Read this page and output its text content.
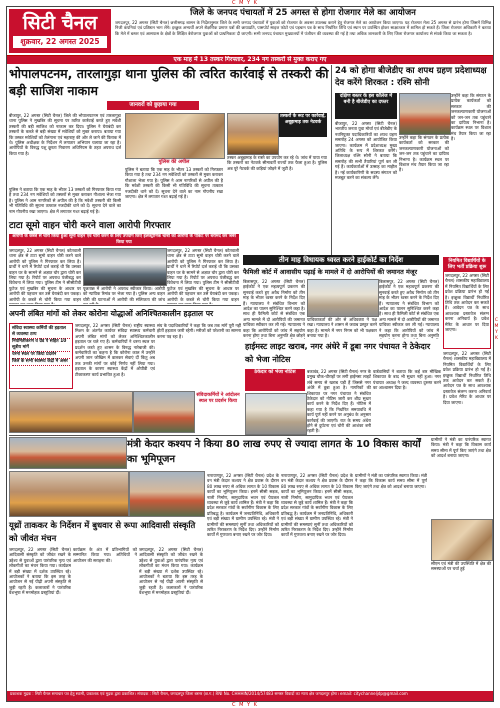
C M Y K
C M Y K
सिटी चैनल
शुक्रवार, 22 अगस्त 2025
जिले के जनपद पंचायतों में 25 अगस्त से होगा रोजगार मेले का आयोजन
जगदलपुर, 22 अगस्त (सिटी चैनल) छत्तीसगढ़ शासन के निर्देशानुसार जिले के सभी जनपद पंचायतों में युवाओं को रोजगार के अवसर उपलब्ध कराने हेतु रोजगार मेले का आयोजन किया जाएगा। यह रोजगार मेला 25 अगस्त से प्रारंभ होगा जिसमें विभिन्न निजी कंपनियां एवं प्रतिष्ठान भाग लेंगे। इच्छुक अभ्यर्थी अपने शैक्षणिक प्रमाण पत्रों की छायाप्रति, पासपोर्ट साइज फोटो एवं पहचान पत्र के साथ निर्धारित तिथि एवं स्थान पर उपस्थित होकर साक्षात्कार में शामिल हो सकते हैं। जिला रोजगार अधिकारी ने बताया कि मेले में बस्तर एवं आसपास के क्षेत्रों के शिक्षित बेरोजगार युवाओं को प्राथमिकता दी जाएगी। सभी जनपद पंचायत मुख्यालयों में पंजीयन की व्यवस्था की गई है तथा अधिक जानकारी के लिए जिला रोजगार कार्यालय से संपर्क किया जा सकता है।
एक माह में 13 तस्कर गिरफ्तार, 234 नग तस्करों से मुक्त कराए गए
भोपालपटनम, तारलागुड़ा थाना पुलिस की त्वरित कार्रवाई से तस्करी की बड़ी साजिश नाकाम
जानवरों को छुड़ाया गया
बीजापुर, 22 अगस्त (सिटी चैनल) जिले की भोपालपटनम एवं तारलागुड़ा थाना पुलिस ने मुखबिर की सूचना पर त्वरित कार्रवाई करते हुए मवेशी तस्करी की बड़ी साजिश को नाकाम कर दिया। पुलिस ने घेराबंदी कर तस्करों के कब्जे से बड़ी संख्या में मवेशियों को मुक्त कराया। बताया गया कि तस्कर मवेशियों को तेलंगाना एवं महाराष्ट्र की ओर ले जाने की फिराक में थे। पुलिस अधीक्षक के निर्देशन में लगातार अभियान चलाया जा रहा है। आरोपियों के विरुद्ध पशु क्रूरता निवारण अधिनियम के तहत अपराध दर्ज किया गया है।
पुलिस की अपील
पुलिस ने बताया कि एक माह के भीतर 13 तस्करों को गिरफ्तार किया गया है तथा 234 नग मवेशियों को तस्करों से मुक्त कराकर गौशाला भेजा गया है। पुलिस ने आम नागरिकों से अपील की है कि मवेशी तस्करी की किसी भी गतिविधि की सूचना तत्काल नजदीकी थाने को दें। सूचना देने वाले का नाम गोपनीय रखा जाएगा। क्षेत्र में लगातार गश्त बढ़ाई गई है।
तस्करों के रूट पर कार्रवाई, अबूझमाड़ तक नेटवर्क
तस्कर अबूझमाड़ के रास्ते का उपयोग कर रहे थे। जांच में पाया गया कि तस्करों का नेटवर्क सीमावर्ती राज्यों तक फैला हुआ है। पुलिस अब पूरे नेटवर्क की कड़ियां जोड़ने में जुटी है।
पुलिस ने बताया कि एक माह के भीतर 13 तस्करों को गिरफ्तार किया गया है तथा 234 नग मवेशियों को तस्करों से मुक्त कराकर गौशाला भेजा गया है। पुलिस ने आम नागरिकों से अपील की है कि मवेशी तस्करी की किसी भी गतिविधि की सूचना तत्काल नजदीकी थाने को दें। सूचना देने वाले का नाम गोपनीय रखा जाएगा। क्षेत्र में लगातार गश्त बढ़ाई गई है।
24 को होगा बीजेडीए का शपथ ग्रहण प्रदेशाध्यक्ष देव करेंगे शिरकत : रश्मि सोनी
दक्षिण बस्तर के इस कॉलेज में बनी है बीजेडीए का दफ्तर
उन्होंने कहा कि संगठन के प्रत्येक कार्यकर्ता को सरकार की जनकल्याणकारी योजनाओं को जन-जन तक पहुंचाने का दायित्व निभाना है। कार्यक्रम स्थल पर विशाल मंच तैयार किया जा रहा है।
बीजापुर, 22 अगस्त (सिटी चैनल) भारतीय जनता युवा मोर्चा एवं बीजेडीए के नवनियुक्त पदाधिकारियों का शपथ ग्रहण समारोह 24 अगस्त को आयोजित किया जाएगा। कार्यक्रम में प्रदेशाध्यक्ष मुख्य अतिथि के रूप में शिरकत करेंगे। जिलाध्यक्ष रश्मि सोनी ने बताया कि समारोह की सभी तैयारियां पूर्ण कर ली गई हैं। कार्यकर्ताओं में उत्साह का माहौल है। नई कार्यकारिणी के सदस्य संगठन को मजबूत करने का संकल्प लेंगे।
उन्होंने कहा कि संगठन के प्रत्येक कार्यकर्ता को सरकार की जनकल्याणकारी योजनाओं को जन-जन तक पहुंचाने का दायित्व निभाना है। कार्यक्रम स्थल पर विशाल मंच तैयार किया जा रहा है।
टाटा सूमो वाहन चोरी करने वाला आरोपी गिरफ्तार
आरोपी के कब्जे से चोरी किया हुआ सूमो वाहन एवं चोरी करने के लिए उपयोग किए इलेक्ट्रॉनिक चाबी को आरोपी के पॉकेट पर बरामद कर जब्त किया गया
जगदलपुर, 22 अगस्त (सिटी चैनल) कोतवाली थाना क्षेत्र से टाटा सूमो वाहन चोरी करने वाले आरोपी को पुलिस ने गिरफ्तार कर लिया है। प्रार्थी ने थाने में रिपोर्ट दर्ज कराई थी कि उसका वाहन घर के सामने से अज्ञात चोर द्वारा चोरी कर लिया गया है। रिपोर्ट पर अपराध पंजीबद्ध कर विवेचना में लिया गया। पुलिस टीम ने सीसीटीवी फुटेज एवं मुखबिर की सूचना के आधार पर आरोपी की पहचान कर उसे घेराबंदी कर पकड़ा। आरोपी के कब्जे से चोरी किया गया वाहन
पूछताछ में आरोपी ने अपराध स्वीकार किया। आरोपी को न्यायिक रिमांड पर भेजा गया है। पुलिस अन्य वाहन चोरी की घटनाओं में आरोपी की संलिप्तता की जांच
जगदलपुर, 22 अगस्त (सिटी चैनल) कोतवाली थाना क्षेत्र से टाटा सूमो वाहन चोरी करने वाले आरोपी को पुलिस ने गिरफ्तार कर लिया है। प्रार्थी ने थाने में रिपोर्ट दर्ज कराई थी कि उसका वाहन घर के सामने से अज्ञात चोर द्वारा चोरी कर लिया गया है। रिपोर्ट पर अपराध पंजीबद्ध कर विवेचना में लिया गया। पुलिस टीम ने सीसीटीवी फुटेज एवं मुखबिर की सूचना के आधार पर आरोपी की पहचान कर उसे घेराबंदी कर पकड़ा। आरोपी के कब्जे से चोरी किया गया वाहन
तीन माह विधायक ध्वस्त करने हाईकोर्ट का निर्देश
फैमिली कोर्ट में आवासीय पढ़ाई के मामले में दो आरोपियों की जमानत मंजूर
बिलासपुर, 22 अगस्त (सिटी चैनल) हाईकोर्ट ने एक महत्वपूर्ण प्रकरण की सुनवाई करते हुए अवैध निर्माण को तीन माह के भीतर ध्वस्त करने के निर्देश दिए हैं। न्यायालय ने संबंधित विभाग को आदेश का पालन सुनिश्चित करने कहा है। साथ ही फैमिली कोर्ट से संबंधित एक अन्य मामले में दो आरोपियों की जमानत याचिका स्वीकार कर ली गई। न्यायालय ने कहा कि आरोपियों को जांच में सहयोग करना होगा तथा बिना अनुमति क्षेत्र छोड़ने
याचिकाकर्ता की ओर से अधिवक्ता ने पक्ष रखा। न्यायालय ने शासन से जवाब प्रस्तुत करने कहा है। मामले में नगर निगम को भी पक्षकार बनाया गया है।
बिलासपुर, 22 अगस्त (सिटी चैनल) हाईकोर्ट ने एक महत्वपूर्ण प्रकरण की सुनवाई करते हुए अवैध निर्माण को तीन माह के भीतर ध्वस्त करने के निर्देश दिए हैं। न्यायालय ने संबंधित विभाग को आदेश का पालन सुनिश्चित करने कहा है। साथ ही फैमिली कोर्ट से संबंधित एक अन्य मामले में दो आरोपियों की जमानत याचिका स्वीकार कर ली गई। न्यायालय ने कहा कि आरोपियों को जांच में सहयोग करना होगा तथा बिना अनुमति
नियमित विद्यार्थियों के लिए भर्ती प्रक्रिया शुरू
जगदलपुर, 22 अगस्त (सिटी चैनल) शासकीय महाविद्यालय में नियमित विद्यार्थियों के लिए प्रवेश प्रक्रिया प्रारंभ हो गई है। इच्छुक विद्यार्थी निर्धारित तिथि तक आवेदन कर सकते हैं। आवेदन पत्र के साथ आवश्यक दस्तावेज संलग्न करना अनिवार्य है। प्रवेश मेरिट के आधार पर दिया जाएगा।
अपनी लंबित मांगों को लेकर कोरोना योद्धाओं अनिश्चितकालीन हड़ताल पर
संविदा स्वास्थ्य कर्मियों की हड़ताल से व्यवस्था ठप्प
नियमितीकरण व ग्रेड पे सहित 10 सूत्रीय मांगें
धरना स्थल पर किया प्रदर्शन
जिले के सभी स्वास्थ्य केंद्रों में असर
जगदलपुर, 22 अगस्त (सिटी चैनल) राष्ट्रीय स्वास्थ्य मिशन के अंतर्गत कार्यरत संविदा स्वास्थ्य कर्मचारी अपनी लंबित मांगों को लेकर अनिश्चितकालीन हड़ताल पर चले गए हैं। कर्मचारियों ने धरना स्थल पर प्रदर्शन करते हुए शासन के विरुद्ध नारेबाजी की। कर्मचारियों का कहना है कि कोरोना काल में उन्होंने अपनी जान जोखिम में डालकर सेवाएं दीं किंतु अब तक उनकी मांगों पर कोई निर्णय नहीं लिया गया। हड़ताल के कारण स्वास्थ्य केंद्रों में ओपीडी एवं टीकाकरण कार्य प्रभावित हुआ है।
संघ के पदाधिकारियों ने कहा कि जब तक मांगें पूरी नहीं होतीं हड़ताल जारी रहेगी। मरीजों को परेशानी का सामना करना पड़ रहा है।
संविदाकर्मियों ने आंदोलन स्थल पर प्रदर्शन किया
हाईमस्ट लाइट खराब, नगर अंधेरे में डूबा नगर पंचायत ने ठेकेदार को भेजा नोटिस
ठेकेदार को भेजा नोटिस	बकावंड, 22 अगस्त (सिटी चैनल) नगर के प्रमुख चौक-चौराहों पर लगी हाईमस्ट लाइटें लंबे समय से खराब पड़ी हैं जिससे नगर अंधेरे में डूबा हुआ है। नागरिकों की शिकायत पर नगर पंचायत ने संबंधित ठेकेदार को नोटिस जारी कर शीघ्र सुधार कार्य करने के निर्देश दिए हैं। नोटिस में कहा गया है कि निर्धारित समयावधि में कार्य पूर्ण नहीं करने पर अनुबंध के अनुसार कार्रवाई की जाएगी। रात के समय अंधेरा होने से दुर्घटना एवं चोरी की आशंका बनी रहती है।
वार्डवासियों ने बताया कि कई बार मौखिक शिकायत के बाद भी सुधार नहीं हुआ। नगर पंचायत अध्यक्ष ने जल्द व्यवस्था दुरुस्त करने का आश्वासन दिया है।
जगदलपुर, 22 अगस्त (सिटी चैनल) शासकीय महाविद्यालय में नियमित विद्यार्थियों के लिए प्रवेश प्रक्रिया प्रारंभ हो गई है। इच्छुक विद्यार्थी निर्धारित तिथि तक आवेदन कर सकते हैं। आवेदन पत्र के साथ आवश्यक दस्तावेज संलग्न करना अनिवार्य है। प्रवेश मेरिट के आधार पर दिया जाएगा।
मंत्री केदार कश्यप ने किया 80 लाख रुपए से ज्यादा लागत के 10 विकास कार्यों का भूमिपूजन
ग्रामीणों ने मंत्री का पारंपरिक स्वागत किया। मंत्री ने कहा कि विकास कार्य समय सीमा में पूर्ण किए जाएंगे तथा क्षेत्र को आदर्श बनाया जाएगा।
नारायणपुर, 22 अगस्त (सिटी चैनल) प्रदेश के वन मंत्री केदार कश्यप ने क्षेत्र प्रवास के दौरान 80 लाख रुपए से अधिक लागत के 10 विकास कार्यों का भूमिपूजन किया। इनमें सीसी सड़क, नाली निर्माण, सामुदायिक भवन एवं पेयजल व्यवस्था से जुड़े कार्य शामिल हैं। मंत्री ने कहा कि प्रदेश सरकार गांवों के सर्वांगीण विकास के लिए प्रतिबद्ध है। कार्यक्रम में जनप्रतिनिधि, अधिकारी एवं बड़ी संख्या में ग्रामीण उपस्थित रहे। मंत्री ने ग्रामीणों की समस्याएं सुनीं तथा अधिकारियों को त्वरित निराकरण के निर्देश दिए। उन्होंने निर्माण कार्यों में गुणवत्ता बनाए रखने पर जोर दिया।
नारायणपुर, 22 अगस्त (सिटी चैनल) प्रदेश के वन मंत्री केदार कश्यप ने क्षेत्र प्रवास के दौरान 80 लाख रुपए से अधिक लागत के 10 विकास कार्यों का भूमिपूजन किया। इनमें सीसी सड़क, नाली निर्माण, सामुदायिक भवन एवं पेयजल व्यवस्था से जुड़े कार्य शामिल हैं। मंत्री ने कहा कि प्रदेश सरकार गांवों के सर्वांगीण विकास के लिए प्रतिबद्ध है। कार्यक्रम में जनप्रतिनिधि, अधिकारी एवं बड़ी संख्या में ग्रामीण उपस्थित रहे। मंत्री ने ग्रामीणों की समस्याएं सुनीं तथा अधिकारियों को त्वरित निराकरण के निर्देश दिए। उन्होंने निर्माण कार्यों में गुणवत्ता बनाए रखने पर जोर दिया।
ग्रामीणों ने मंत्री का पारंपरिक स्वागत किया। मंत्री ने कहा कि विकास कार्य समय सीमा में पूर्ण किए जाएंगे तथा क्षेत्र को आदर्श बनाया जाएगा।
सीएम एवं मंत्री की उपस्थिति में क्षेत्र की समस्याओं पर चर्चा हुई
यूथ्रों ताककर के निर्देशन में बुधवार से रूपा आदिवासी संस्कृति को जीवंत मंचन
जगदलपुर, 22 अगस्त (सिटी चैनल) आदिवासी संस्कृति को जीवंत रखने के उद्देश्य से युवाओं द्वारा पारंपरिक नृत्य एवं लोकगीतों का मंचन किया गया। कार्यक्रम में बड़ी संख्या में दर्शक उपस्थित रहे। आयोजकों ने बताया कि इस तरह के आयोजन से नई पीढ़ी अपनी संस्कृति से जुड़ी रहती है। कलाकारों ने पारंपरिक वेशभूषा में मनमोहक प्रस्तुतियां दीं।
कार्यक्रम के अंत में प्रतिभागियों को सम्मानित किया गया। अतिथियों ने आयोजन की सराहना की।
जगदलपुर, 22 अगस्त (सिटी चैनल) आदिवासी संस्कृति को जीवंत रखने के उद्देश्य से युवाओं द्वारा पारंपरिक नृत्य एवं लोकगीतों का मंचन किया गया। कार्यक्रम में बड़ी संख्या में दर्शक उपस्थित रहे। आयोजकों ने बताया कि इस तरह के आयोजन से नई पीढ़ी अपनी संस्कृति से जुड़ी रहती है। कलाकारों ने पारंपरिक वेशभूषा में मनमोहक प्रस्तुतियां दीं।
प्रकाशक मुद्रक : सिटी चैनल समाचार पत्र हेतु स्वामी, प्रकाशक एवं मुद्रक द्वारा प्रकाशित। संपादक : सिटी चैनल, जगदलपुर जिला बस्तर (छ.ग.) RNI No. CHHHIN/2014/57483 समस्त विवादों का न्याय क्षेत्र जगदलपुर होगा। email: citychanneljdp@gmail.com
C M Y K
